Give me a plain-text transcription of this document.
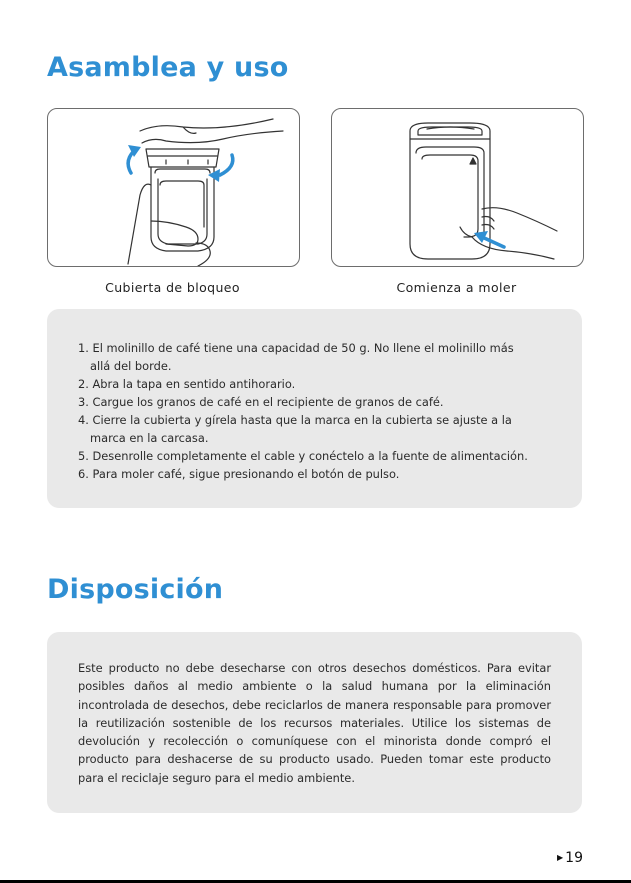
Asamblea y uso
Cubierta de bloqueo	Comienza a moler
1. El molinillo de café tiene una capacidad de 50 g. No llene el molinillo más
allá del borde.
2. Abra la tapa en sentido antihorario.
3. Cargue los granos de café en el recipiente de granos de café.
4. Cierre la cubierta y gírela hasta que la marca en la cubierta se ajuste a la
marca en la carcasa.
5. Desenrolle completamente el cable y conéctelo a la fuente de alimentación.
6. Para moler café, sigue presionando el botón de pulso.
Disposición

Este producto no debe desecharse con otros desechos domésticos. Para evitar posibles daños al medio ambiente o la salud humana por la eliminación incontrolada de desechos, debe reciclarlos de manera responsable para promover la reutilización sostenible de los recursos materiales. Utilice los sistemas de devolución y recolección o comuníquese con el minorista donde compró el producto para deshacerse de su producto usado. Pueden tomar este producto para el reciclaje seguro para el medio ambiente.

▶ 19
